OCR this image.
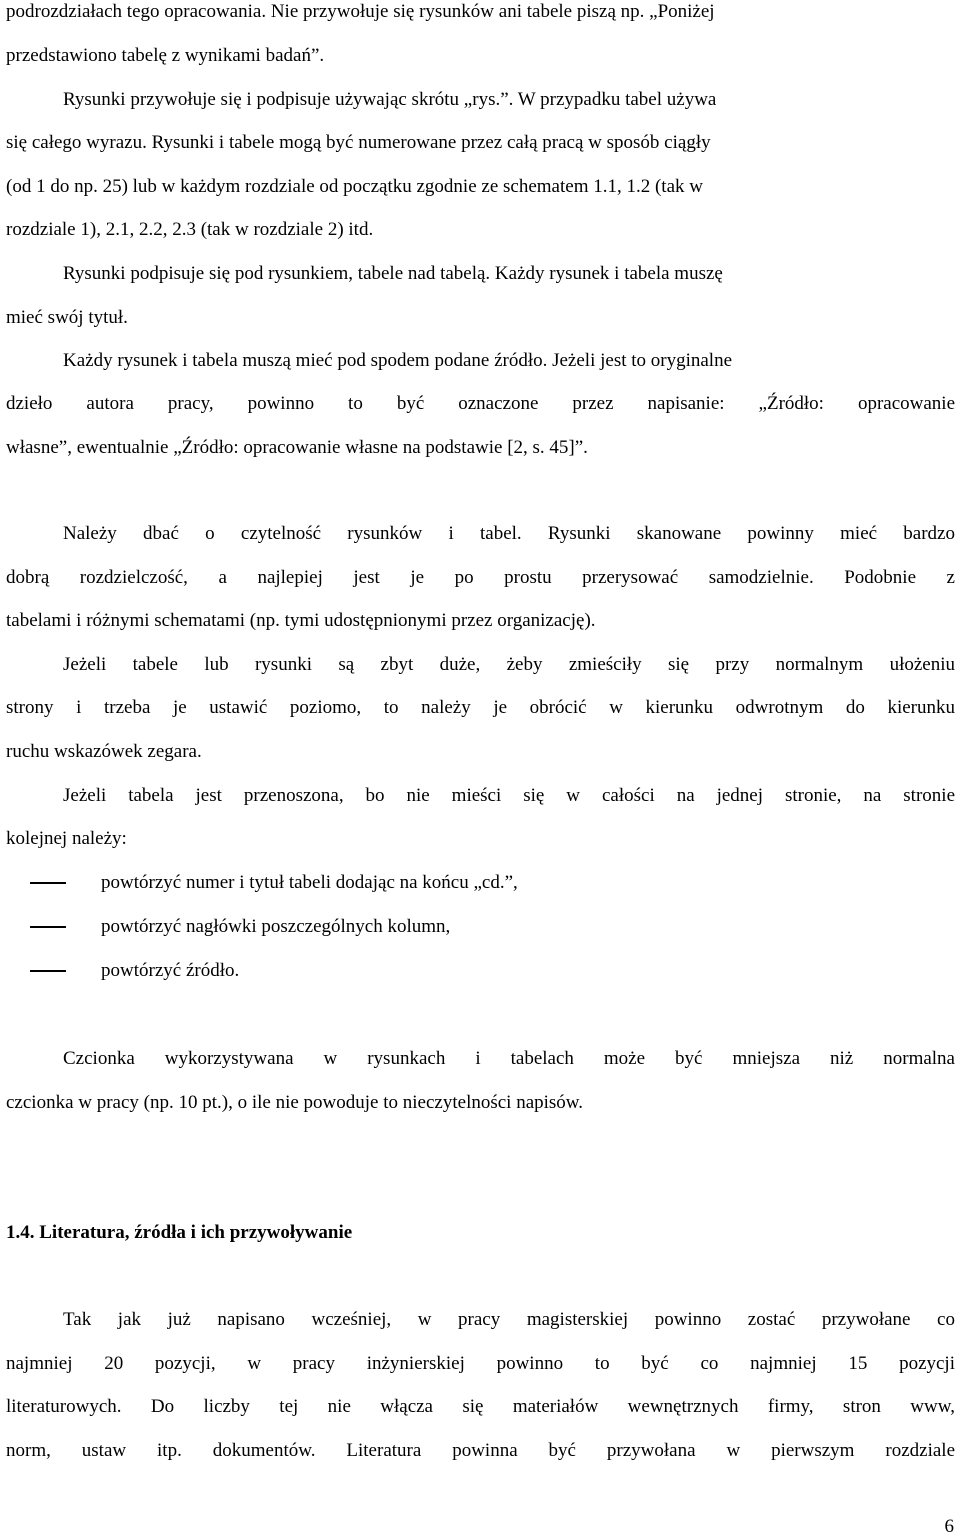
podrozdziałach tego opracowania. Nie przywołuje się rysunków ani tabele piszą np. „Poniżej
przedstawiono tabelę z wynikami badań”.
Rysunki przywołuje się i podpisuje używając skrótu „rys.”. W przypadku tabel używa
się całego wyrazu. Rysunki i tabele mogą być numerowane przez całą pracą w sposób ciągły
(od 1 do np. 25) lub w każdym rozdziale od początku zgodnie ze schematem 1.1, 1.2 (tak w
rozdziale 1), 2.1, 2.2, 2.3 (tak w rozdziale 2) itd.
Rysunki podpisuje się pod rysunkiem, tabele nad tabelą. Każdy rysunek i tabela muszę
mieć swój tytuł.
Każdy rysunek i tabela muszą mieć pod spodem podane źródło. Jeżeli jest to oryginalne
dzieło autora pracy, powinno to być oznaczone przez napisanie: „Źródło: opracowanie
własne”, ewentualnie „Źródło: opracowanie własne na podstawie [2, s. 45]”.
Należy dbać o czytelność rysunków i tabel. Rysunki skanowane powinny mieć bardzo
dobrą rozdzielczość, a najlepiej jest je po prostu przerysować samodzielnie. Podobnie z
tabelami i różnymi schematami (np. tymi udostępnionymi przez organizację).
Jeżeli tabele lub rysunki są zbyt duże, żeby zmieściły się przy normalnym ułożeniu
strony i trzeba je ustawić poziomo, to należy je obrócić w kierunku odwrotnym do kierunku
ruchu wskazówek zegara.
Jeżeli tabela jest przenoszona, bo nie mieści się w całości na jednej stronie, na stronie
kolejnej należy:
powtórzyć numer i tytuł tabeli dodając na końcu „cd.”,
powtórzyć nagłówki poszczególnych kolumn,
powtórzyć źródło.
Czcionka wykorzystywana w rysunkach i tabelach może być mniejsza niż normalna
czcionka w pracy (np. 10 pt.), o ile nie powoduje to nieczytelności napisów.
1.4. Literatura, źródła i ich przywoływanie
Tak jak już napisano wcześniej, w pracy magisterskiej powinno zostać przywołane co
najmniej 20 pozycji, w pracy inżynierskiej powinno to być co najmniej 15 pozycji
literaturowych. Do liczby tej nie włącza się materiałów wewnętrznych firmy, stron www,
norm, ustaw itp. dokumentów. Literatura powinna być przywołana w pierwszym rozdziale
6
